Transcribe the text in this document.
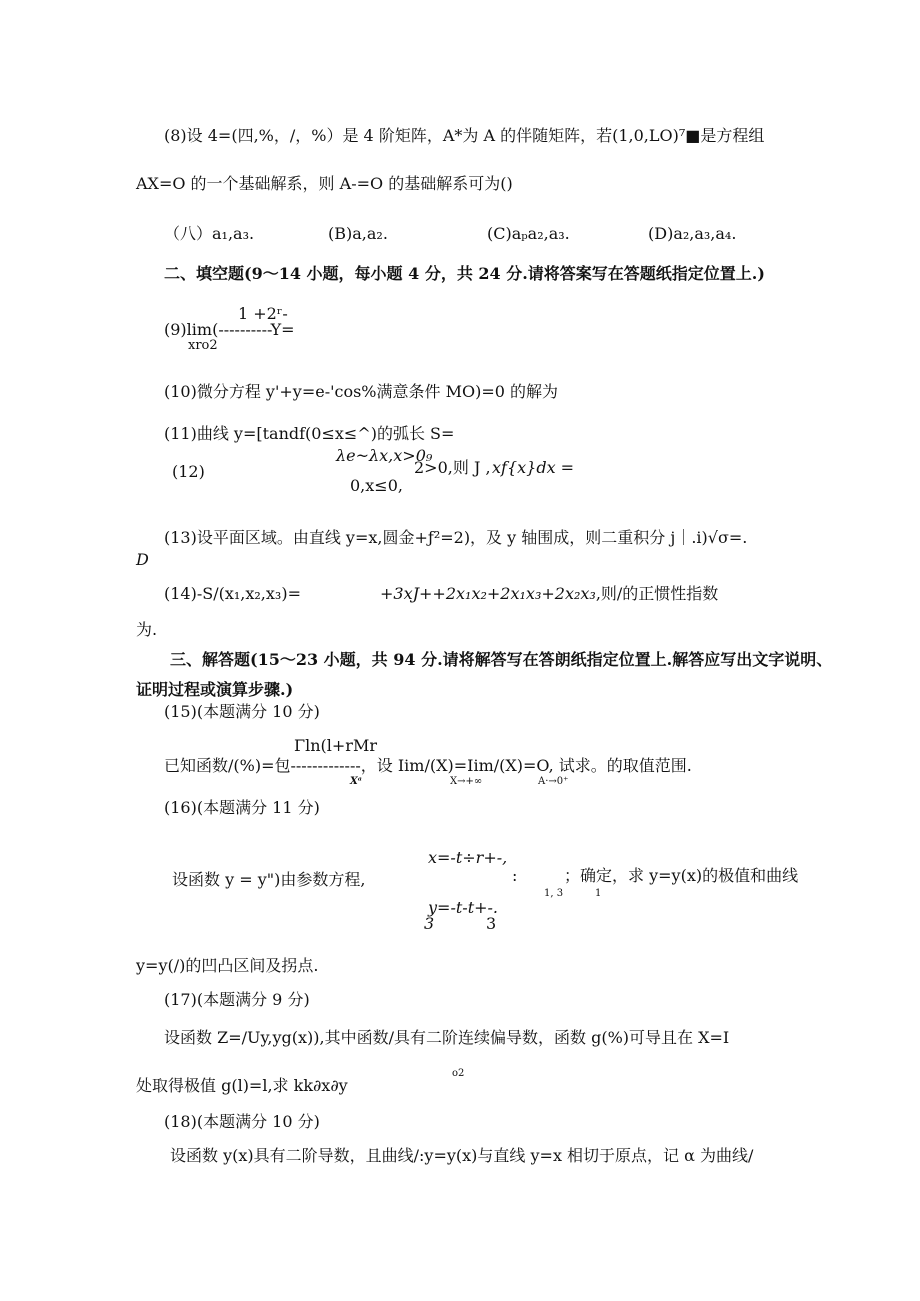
(8)设 4=(四,%，/，%）是 4 阶矩阵，A*为 A 的伴随矩阵，若(1,0,LO)⁷■是方程组
AX=O 的一个基础解系，则 A-=O 的基础解系可为()
（八）a₁,a₃.	(B)a,a₂.	(C)aₚa₂,a₃.	(D)a₂,a₃,a₄.
二、填空题(9～14 小题，每小题 4 分，共 24 分.请将答案写在答题纸指定位置上.)
1 +2ʳ-
(9)lim(----------Y=
xro2
(10)微分方程 y'+y=e-'cos%满意条件 MO)=0 的解为
(11)曲线 y=[tandf(0≤x≤^)的弧长 S=
(12)
λe~λx,x>0₉
0,x≤0,
2>0,则 J , xf{x}dx =
(13)设平面区域。由直线 y=x,圆金+ƒ²=2)，及 y 轴围成，则二重积分 j｜.i)√σ=.
D
(14)-S/(x₁,x₂,x₃)=	+3xJ++2x₁x₂+2x₁x₃+2x₂x₃,则/的正惯性指数
为.
三、解答题(15～23 小题，共 94 分.请将解答写在答朗纸指定位置上.解答应写出文字说明、
证明过程或演算步骤.)
(15)(本题满分 10 分)
Γln(l+rMr
已知函数/(%)=包-------------，设 Iim/(X)=Iim/(X)=O, 试求。的取值范围.
Xᵃ	X→+∞	A·→0⁺
(16)(本题满分 11 分)
x=-t÷r+-,
设函数 y = y")由参数方程,	:	；确定，求 y=y(x)的极值和曲线
1, 3	1
y=-t-t+-.
3	3
y=y(/)的凹凸区间及拐点.
(17)(本题满分 9 分)
设函数 Z=/Uy,yg(x)),其中函数/具有二阶连续偏导数，函数 g(%)可导且在 X=I
o2
处取得极值 g(l)=l,求 kk∂x∂y
(18)(本题满分 10 分)
设函数 y(x)具有二阶导数，且曲线/:y=y(x)与直线 y=x 相切于原点，记 α 为曲线/
